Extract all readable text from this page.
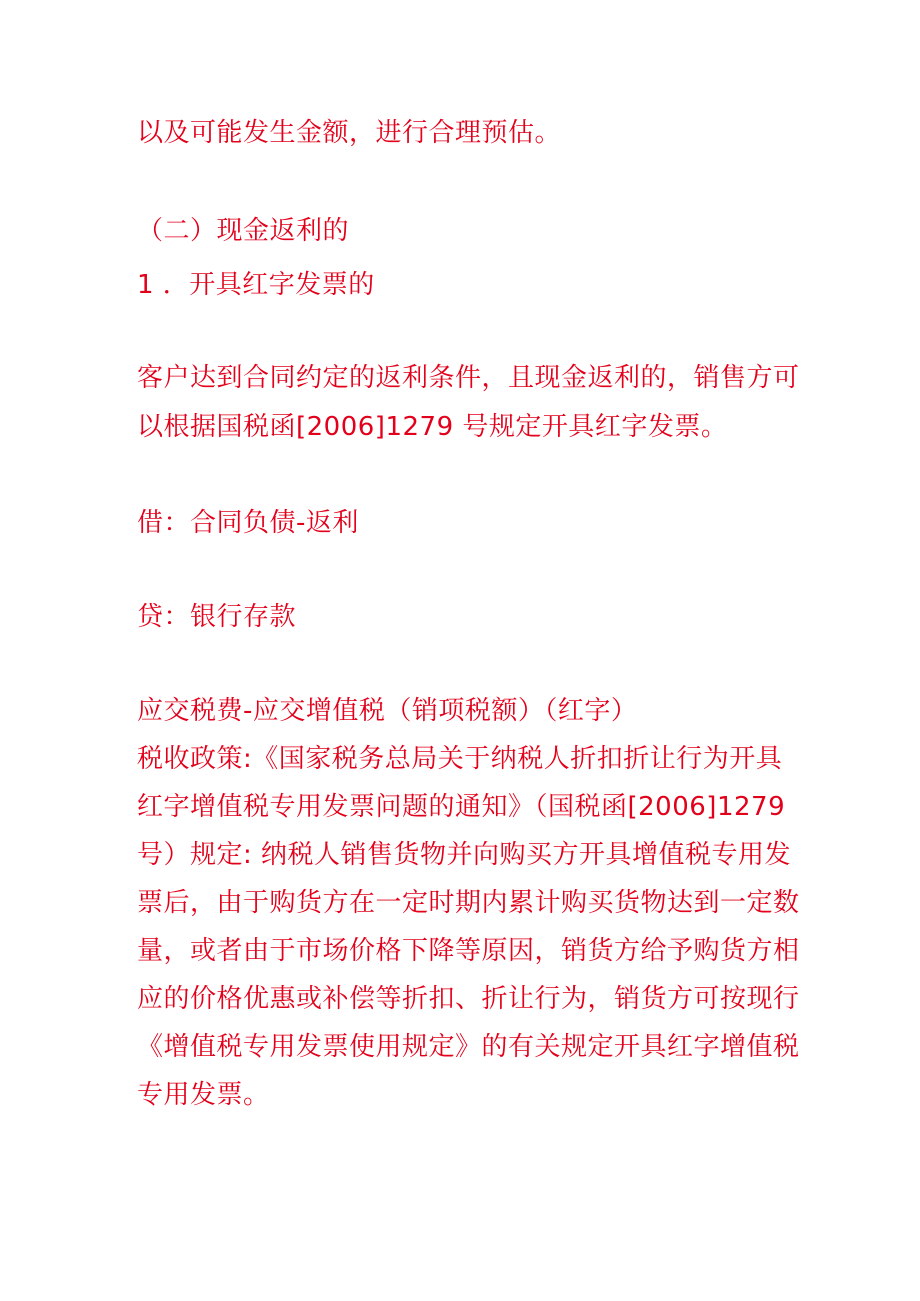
以及可能发生金额，进行合理预估。

（二）现金返利的

1 ．开具红字发票的

客户达到合同约定的返利条件，且现金返利的，销售方可

以根据国税函[2006]1279 号规定开具红字发票。

借：合同负债-返利

贷：银行存款

应交税费-应交增值税（销项税额）（红字）

税收政策:《国家税务总局关于纳税人折扣折让行为开具

红字增值税专用发票问题的通知》（国税函[2006]1279

号）规定: 纳税人销售货物并向购买方开具增值税专用发

票后，由于购货方在一定时期内累计购买货物达到一定数

量，或者由于市场价格下降等原因，销货方给予购货方相

应的价格优惠或补偿等折扣、折让行为，销货方可按现行

《增值税专用发票使用规定》的有关规定开具红字增值税

专用发票。
